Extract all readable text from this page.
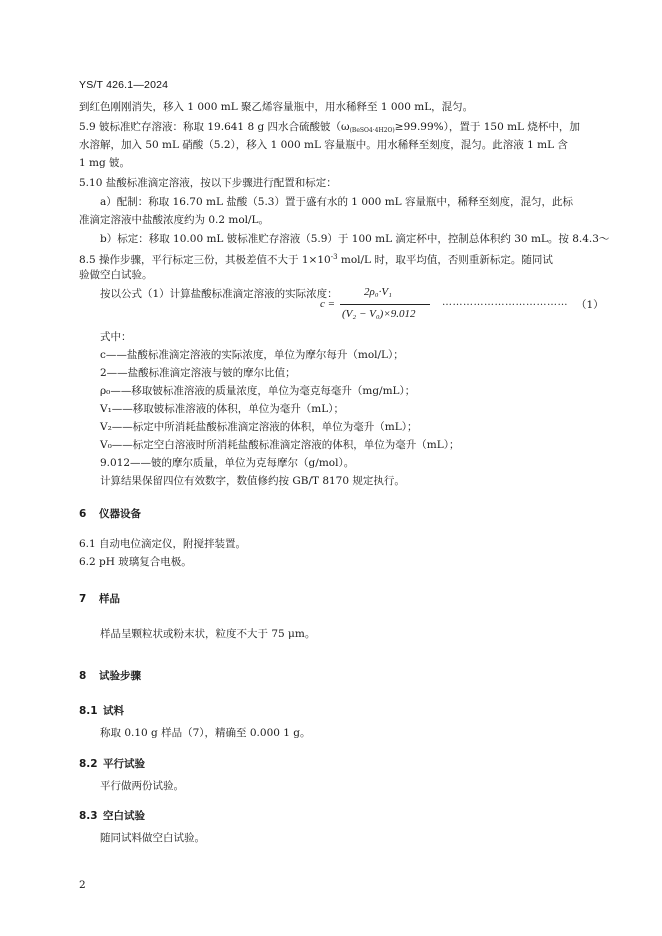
YS/T 426.1—2024
到红色刚刚消失，移入 1 000 mL 聚乙烯容量瓶中，用水稀释至 1 000 mL，混匀。
5.9 铍标准贮存溶液：称取 19.641 8 g 四水合硫酸铍（ω(BeSO4·4H2O)≥99.99%），置于 150 mL 烧杯中，加
水溶解，加入 50 mL 硝酸（5.2），移入 1 000 mL 容量瓶中。用水稀释至刻度，混匀。此溶液 1 mL 含
1 mg 铍。
5.10 盐酸标准滴定溶液，按以下步骤进行配置和标定：
a）配制：称取 16.70 mL 盐酸（5.3）置于盛有水的 1 000 mL 容量瓶中，稀释至刻度，混匀，此标
准滴定溶液中盐酸浓度约为 0.2 mol/L。
b）标定：移取 10.00 mL 铍标准贮存溶液（5.9）于 100 mL 滴定杯中，控制总体积约 30 mL。按 8.4.3～
8.5 操作步骤，平行标定三份，其极差值不大于 $1\times 10^{-3}$ mol/L 时，取平均值，否则重新标定。随同试
验做空白试验。
按以公式（1）计算盐酸标准滴定溶液的实际浓度：
c =
2ρ₀·V₁
(V₂ − V₀)×9.012
……………………………… （1）
式中：
c——盐酸标准滴定溶液的实际浓度，单位为摩尔每升（mol/L）；
2——盐酸标准滴定溶液与铍的摩尔比值；
ρ₀——移取铍标准溶液的质量浓度，单位为毫克每毫升（mg/mL）；
V₁——移取铍标准溶液的体积，单位为毫升（mL）；
V₂——标定中所消耗盐酸标准滴定溶液的体积，单位为毫升（mL）；
V₀——标定空白溶液时所消耗盐酸标准滴定溶液的体积，单位为毫升（mL）；
9.012——铍的摩尔质量，单位为克每摩尔（g/mol）。
计算结果保留四位有效数字，数值修约按 GB/T 8170 规定执行。
6 仪器设备
6.1 自动电位滴定仪，附搅拌装置。
6.2 pH 玻璃复合电极。
7 样品
样品呈颗粒状或粉末状，粒度不大于 75 μm。
8 试验步骤
8.1 试料
称取 0.10 g 样品（7），精确至 0.000 1 g。
8.2 平行试验
平行做两份试验。
8.3 空白试验
随同试料做空白试验。
2
